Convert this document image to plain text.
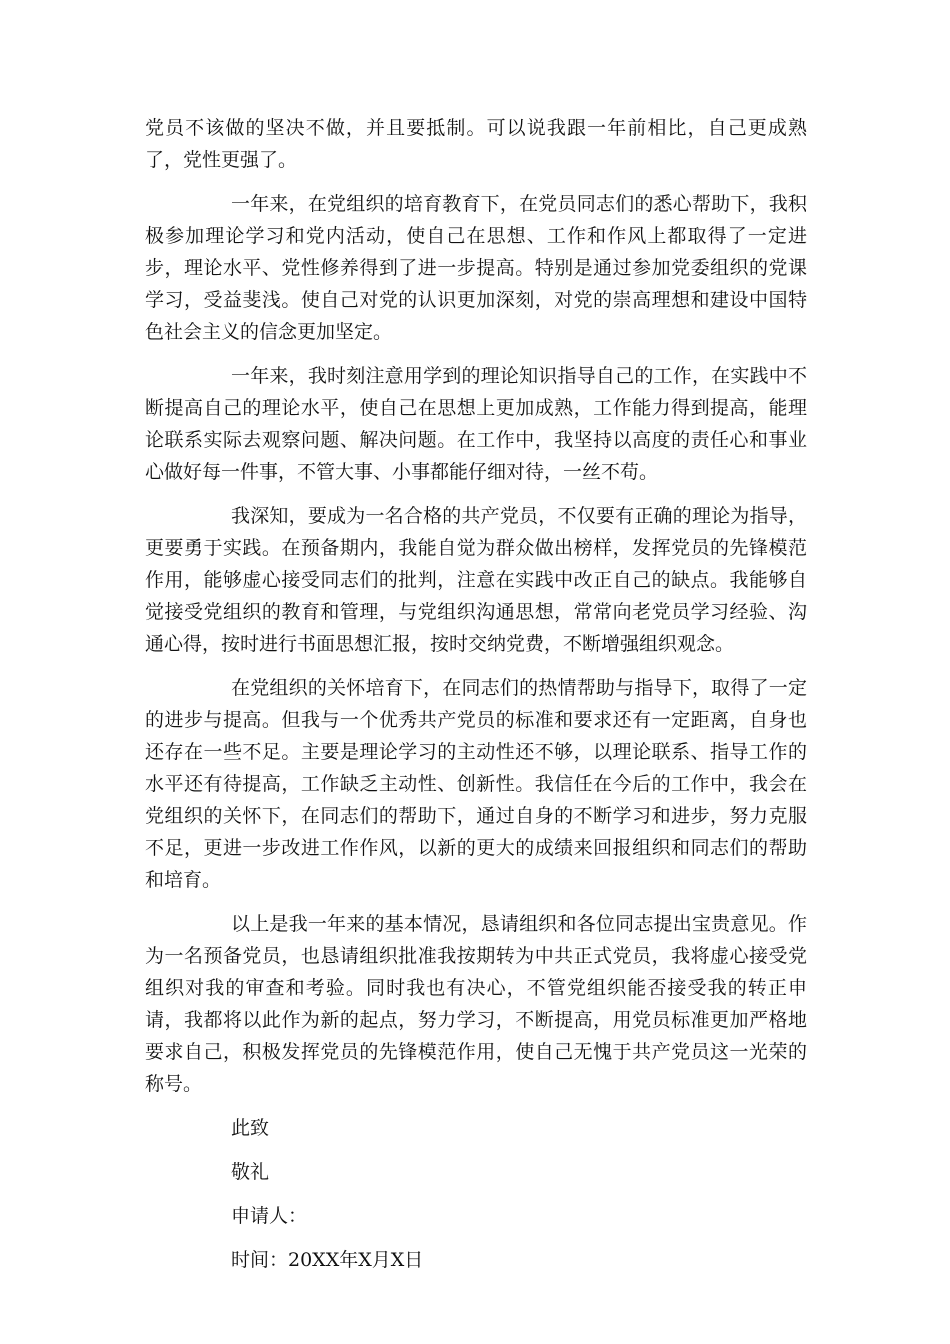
党员不该做的坚决不做，并且要抵制。可以说我跟一年前相比，自己更成熟了，党性更强了。

一年来，在党组织的培育教育下，在党员同志们的悉心帮助下，我积极参加理论学习和党内活动，使自己在思想、工作和作风上都取得了一定进步，理论水平、党性修养得到了进一步提高。特别是通过参加党委组织的党课学习，受益斐浅。使自己对党的认识更加深刻，对党的崇高理想和建设中国特色社会主义的信念更加坚定。

一年来，我时刻注意用学到的理论知识指导自己的工作，在实践中不断提高自己的理论水平，使自己在思想上更加成熟，工作能力得到提高，能理论联系实际去观察问题、解决问题。在工作中，我坚持以高度的责任心和事业心做好每一件事，不管大事、小事都能仔细对待，一丝不苟。

我深知，要成为一名合格的共产党员，不仅要有正确的理论为指导，更要勇于实践。在预备期内，我能自觉为群众做出榜样，发挥党员的先锋模范作用，能够虚心接受同志们的批判，注意在实践中改正自己的缺点。我能够自觉接受党组织的教育和管理，与党组织沟通思想，常常向老党员学习经验、沟通心得，按时进行书面思想汇报，按时交纳党费，不断增强组织观念。

在党组织的关怀培育下，在同志们的热情帮助与指导下，取得了一定的进步与提高。但我与一个优秀共产党员的标准和要求还有一定距离，自身也还存在一些不足。主要是理论学习的主动性还不够，以理论联系、指导工作的水平还有待提高，工作缺乏主动性、创新性。我信任在今后的工作中，我会在党组织的关怀下，在同志们的帮助下，通过自身的不断学习和进步，努力克服不足，更进一步改进工作作风，以新的更大的成绩来回报组织和同志们的帮助和培育。

以上是我一年来的基本情况，恳请组织和各位同志提出宝贵意见。作为一名预备党员，也恳请组织批准我按期转为中共正式党员，我将虚心接受党组织对我的审查和考验。同时我也有决心，不管党组织能否接受我的转正申请，我都将以此作为新的起点，努力学习，不断提高，用党员标准更加严格地要求自己，积极发挥党员的先锋模范作用，使自己无愧于共产党员这一光荣的称号。

此致

敬礼

申请人：

时间：20XX年X月X日
